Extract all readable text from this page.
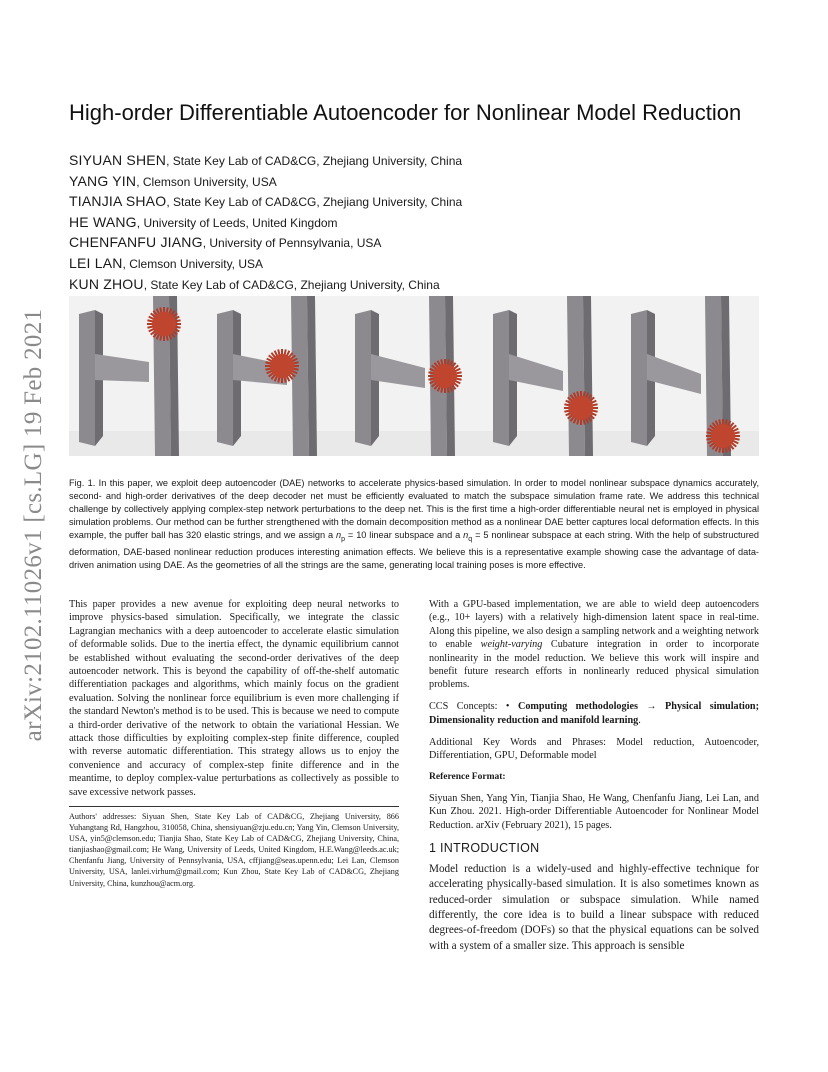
arXiv:2102.11026v1 [cs.LG] 19 Feb 2021
High-order Differentiable Autoencoder for Nonlinear Model Reduction
SIYUAN SHEN, State Key Lab of CAD&CG, Zhejiang University, China
YANG YIN, Clemson University, USA
TIANJIA SHAO, State Key Lab of CAD&CG, Zhejiang University, China
HE WANG, University of Leeds, United Kingdom
CHENFANFU JIANG, University of Pennsylvania, USA
LEI LAN, Clemson University, USA
KUN ZHOU, State Key Lab of CAD&CG, Zhejiang University, China

Fig. 1. In this paper, we exploit deep autoencoder (DAE) networks to accelerate physics-based simulation. In order to model nonlinear subspace dynamics accurately, second- and high-order derivatives of the deep decoder net must be efficiently evaluated to match the subspace simulation frame rate. We address this technical challenge by collectively applying complex-step network perturbations to the deep net. This is the first time a high-order differentiable neural net is employed in physical simulation problems. Our method can be further strengthened with the domain decomposition method as a nonlinear DAE better captures local deformation effects. In this example, the puffer ball has 320 elastic strings, and we assign a $n_p = 10$ linear subspace and a $n_q = 5$ nonlinear subspace at each string. With the help of substructured deformation, DAE-based nonlinear reduction produces interesting animation effects. We believe this is a representative example showing case the advantage of data-driven animation using DAE. As the geometries of all the strings are the same, generating local training poses is more effective.

This paper provides a new avenue for exploiting deep neural networks to improve physics-based simulation. Specifically, we integrate the classic Lagrangian mechanics with a deep autoencoder to accelerate elastic simulation of deformable solids. Due to the inertia effect, the dynamic equilibrium cannot be established without evaluating the second-order derivatives of the deep autoencoder network. This is beyond the capability of off-the-shelf automatic differentiation packages and algorithms, which mainly focus on the gradient evaluation. Solving the nonlinear force equilibrium is even more challenging if the standard Newton's method is to be used. This is because we need to compute a third-order derivative of the network to obtain the variational Hessian. We attack those difficulties by exploiting complex-step finite difference, coupled with reverse automatic differentiation. This strategy allows us to enjoy the convenience and accuracy of complex-step finite difference and in the meantime, to deploy complex-value perturbations as collectively as possible to save excessive network passes.

Authors' addresses: Siyuan Shen, State Key Lab of CAD&CG, Zhejiang University, 866 Yuhangtang Rd, Hangzhou, 310058, China, shensiyuan@zju.edu.cn; Yang Yin, Clemson University, USA, yin5@clemson.edu; Tianjia Shao, State Key Lab of CAD&CG, Zhejiang University, China, tianjiashao@gmail.com; He Wang, University of Leeds, United Kingdom, H.E.Wang@leeds.ac.uk; Chenfanfu Jiang, University of Pennsylvania, USA, cffjiang@seas.upenn.edu; Lei Lan, Clemson University, USA, lanlei.virhum@gmail.com; Kun Zhou, State Key Lab of CAD&CG, Zhejiang University, China, kunzhou@acm.org.

With a GPU-based implementation, we are able to wield deep autoencoders (e.g., 10+ layers) with a relatively high-dimension latent space in real-time. Along this pipeline, we also design a sampling network and a weighting network to enable weight-varying Cubature integration in order to incorporate nonlinearity in the model reduction. We believe this work will inspire and benefit future research efforts in nonlinearly reduced physical simulation problems.

CCS Concepts: • Computing methodologies → Physical simulation; Dimensionality reduction and manifold learning.

Additional Key Words and Phrases: Model reduction, Autoencoder, Differentiation, GPU, Deformable model

Reference Format:

Siyuan Shen, Yang Yin, Tianjia Shao, He Wang, Chenfanfu Jiang, Lei Lan, and Kun Zhou. 2021. High-order Differentiable Autoencoder for Nonlinear Model Reduction. arXiv (February 2021), 15 pages.

1 INTRODUCTION

Model reduction is a widely-used and highly-effective technique for accelerating physically-based simulation. It is also sometimes known as reduced-order simulation or subspace simulation. While named differently, the core idea is to build a linear subspace with reduced degrees-of-freedom (DOFs) so that the physical equations can be solved with a system of a smaller size. This approach is sensible
